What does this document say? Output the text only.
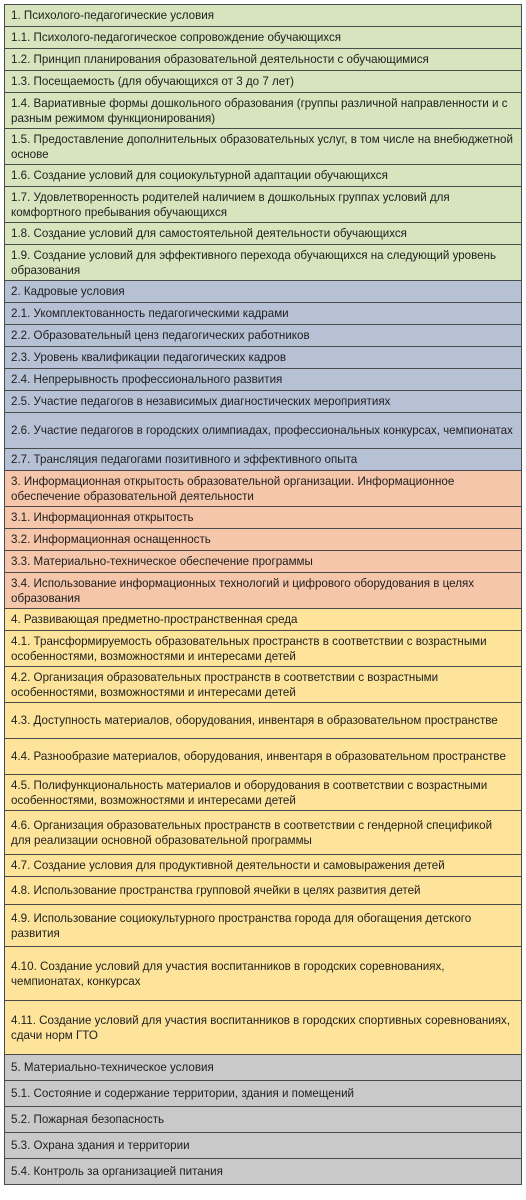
1. Психолого-педагогические условия
1.1. Психолого-педагогическое сопровождение обучающихся
1.2. Принцип планирования образовательной деятельности с обучающимися
1.3. Посещаемость (для обучающихся от 3 до 7 лет)
1.4. Вариативные формы дошкольного образования (группы различной направленности и с разным режимом функционирования)
1.5. Предоставление дополнительных образовательных услуг, в том числе на внебюджетной основе
1.6. Создание условий для социокультурной адаптации обучающихся
1.7. Удовлетворенность родителей наличием в дошкольных группах условий для комфортного пребывания обучающихся
1.8. Создание условий для самостоятельной деятельности обучающихся
1.9. Создание условий для эффективного перехода обучающихся на следующий уровень образования
2. Кадровые условия
2.1. Укомплектованность педагогическими кадрами
2.2. Образовательный ценз педагогических работников
2.3. Уровень квалификации педагогических кадров
2.4. Непрерывность профессионального развития
2.5. Участие педагогов в независимых диагностических мероприятиях
2.6. Участие педагогов в городских олимпиадах, профессиональных конкурсах, чемпионатах
2.7. Трансляция педагогами позитивного и эффективного опыта
3. Информационная открытость образовательной организации. Информационное обеспечение образовательной деятельности
3.1. Информационная открытость
3.2. Информационная оснащенность
3.3. Материально-техническое обеспечение программы
3.4. Использование информационных технологий и цифрового оборудования в целях образования
4. Развивающая предметно-пространственная среда
4.1. Трансформируемость образовательных пространств в соответствии с возрастными особенностями, возможностями и интересами детей
4.2. Организация образовательных пространств в соответствии с возрастными особенностями, возможностями и интересами детей
4.3. Доступность материалов, оборудования, инвентаря в образовательном пространстве
4.4. Разнообразие материалов, оборудования, инвентаря в образовательном пространстве
4.5. Полифункциональность материалов и оборудования в соответствии с возрастными особенностями, возможностями и интересами детей
4.6. Организация образовательных пространств в соответствии с гендерной спецификой для реализации основной образовательной программы
4.7. Создание условия для продуктивной деятельности и самовыражения детей
4.8. Использование пространства групповой ячейки в целях развития детей
4.9. Использование социокультурного пространства города для обогащения детского развития
4.10. Создание условий для участия воспитанников в городских соревнованиях, чемпионатах, конкурсах
4.11. Создание условий для участия воспитанников в городских спортивных соревнованиях, сдачи норм ГТО
5. Материально-техническое условия
5.1. Состояние и содержание территории, здания и помещений
5.2. Пожарная безопасность
5.3. Охрана здания и территории
5.4. Контроль за организацией питания
